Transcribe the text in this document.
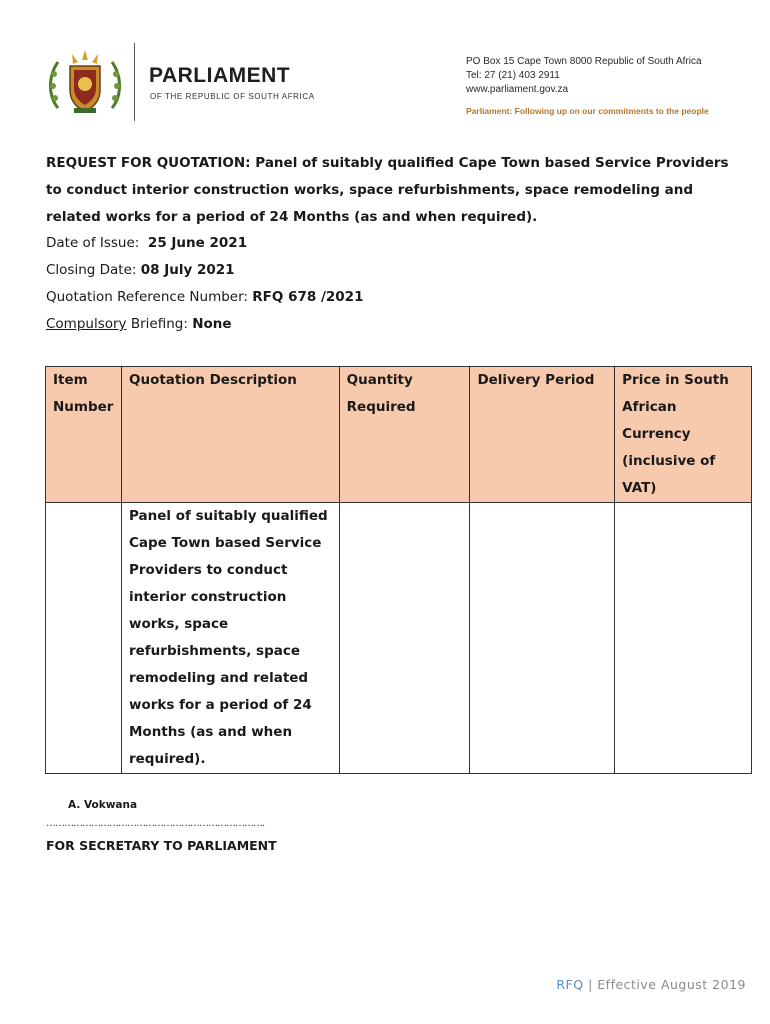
PARLIAMENT
OF THE REPUBLIC OF SOUTH AFRICA
PO Box 15 Cape Town 8000 Republic of South Africa
Tel: 27 (21) 403 2911
www.parliament.gov.za
Parliament: Following up on our commitments to the people
REQUEST FOR QUOTATION: Panel of suitably qualified Cape Town based Service Providers
to conduct interior construction works, space refurbishments, space remodeling and
related works for a period of 24 Months (as and when required).
Date of Issue: 25 June 2021
Closing Date: 08 July 2021
Quotation Reference Number: RFQ 678 /2021
Compulsory Briefing: None
Item Number	Quotation Description	Quantity Required	Delivery Period	Price in South African Currency (inclusive of VAT)
	Panel of suitably qualified Cape Town based Service Providers to conduct interior construction works, space refurbishments, space remodeling and related works for a period of 24 Months (as and when required).			
A. Vokwana
……………………………………………………………….
FOR SECRETARY TO PARLIAMENT
RFQ | Effective August 2019
